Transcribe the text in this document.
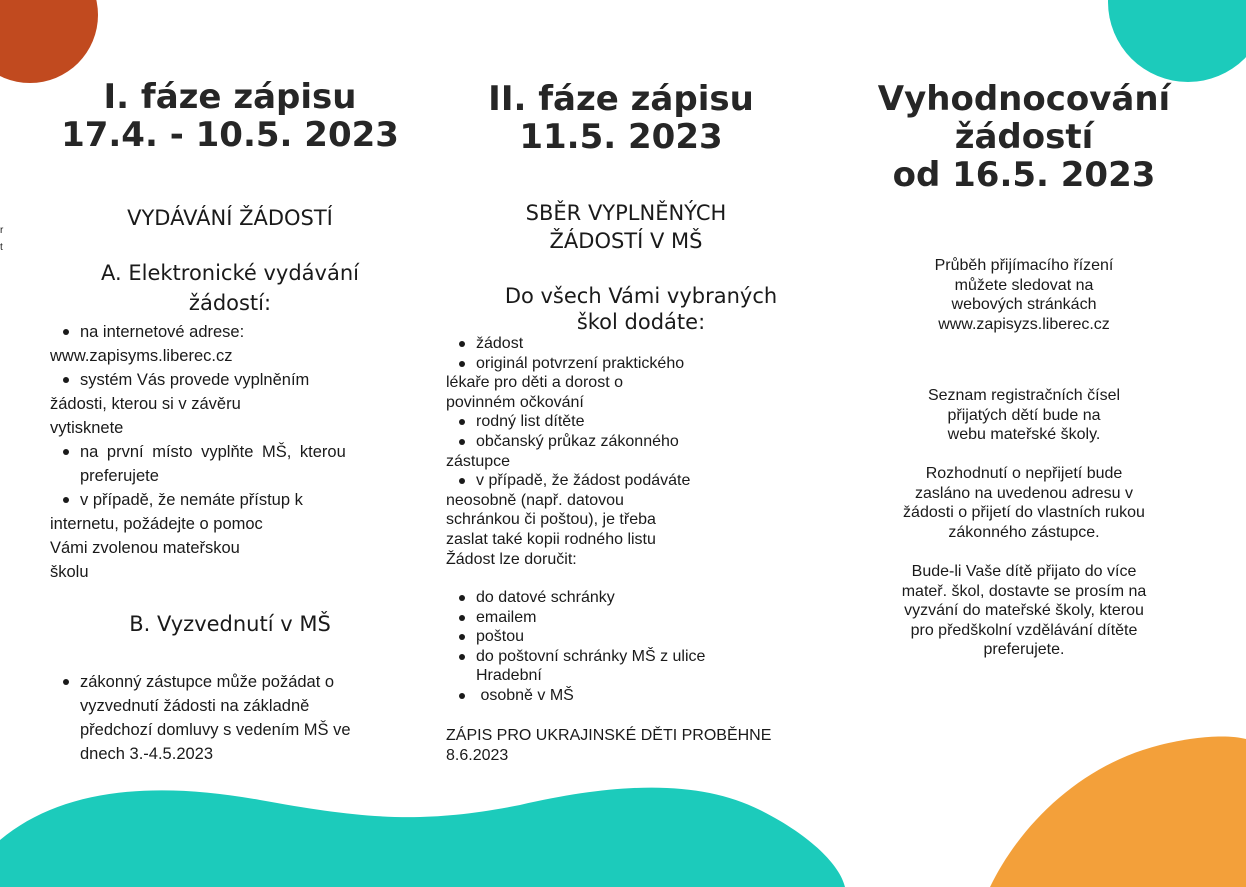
r
t
I. fáze zápisu
17.4. - 10.5. 2023
VYDÁVÁNÍ ŽÁDOSTÍ
A. Elektronické vydávání
žádostí:
na internetové adrese:
www.zapisyms.liberec.cz
systém Vás provede vyplněním
žádosti, kterou si v závěru
vytisknete
na první místo vyplňte MŠ, kterou
preferujete
v případě, že nemáte přístup k
internetu, požádejte o pomoc
Vámi zvolenou mateřskou
školu
B. Vyzvednutí v MŠ
zákonný zástupce může požádat o
vyzvednutí žádosti na základně
předchozí domluvy s vedením MŠ ve
dnech 3.-4.5.2023
II. fáze zápisu
11.5. 2023
SBĚR VYPLNĚNÝCH
ŽÁDOSTÍ V MŠ
Do všech Vámi vybraných
škol dodáte:
žádost
originál potvrzení praktického
lékaře pro děti a dorost o
povinném očkování
rodný list dítěte
občanský průkaz zákonného
zástupce
v případě, že žádost podáváte
neosobně (např. datovou
schránkou či poštou), je třeba
zaslat také kopii rodného listu
Žádost lze doručit:
do datové schránky
emailem
poštou
do poštovní schránky MŠ z ulice
Hradební
osobně v MŠ
ZÁPIS PRO UKRAJINSKÉ DĚTI PROBĚHNE
8.6.2023
Vyhodnocování
žádostí
od 16.5. 2023

Průběh přijímacího řízení
můžete sledovat na
webových stránkách
www.zapisyzs.liberec.cz

Seznam registračních čísel
přijatých dětí bude na
webu mateřské školy.

Rozhodnutí o nepřijetí bude
zasláno na uvedenou adresu v
žádosti o přijetí do vlastních rukou
zákonného zástupce.

Bude-li Vaše dítě přijato do více
mateř. škol, dostavte se prosím na
vyzvání do mateřské školy, kterou
pro předškolní vzdělávání dítěte
preferujete.
